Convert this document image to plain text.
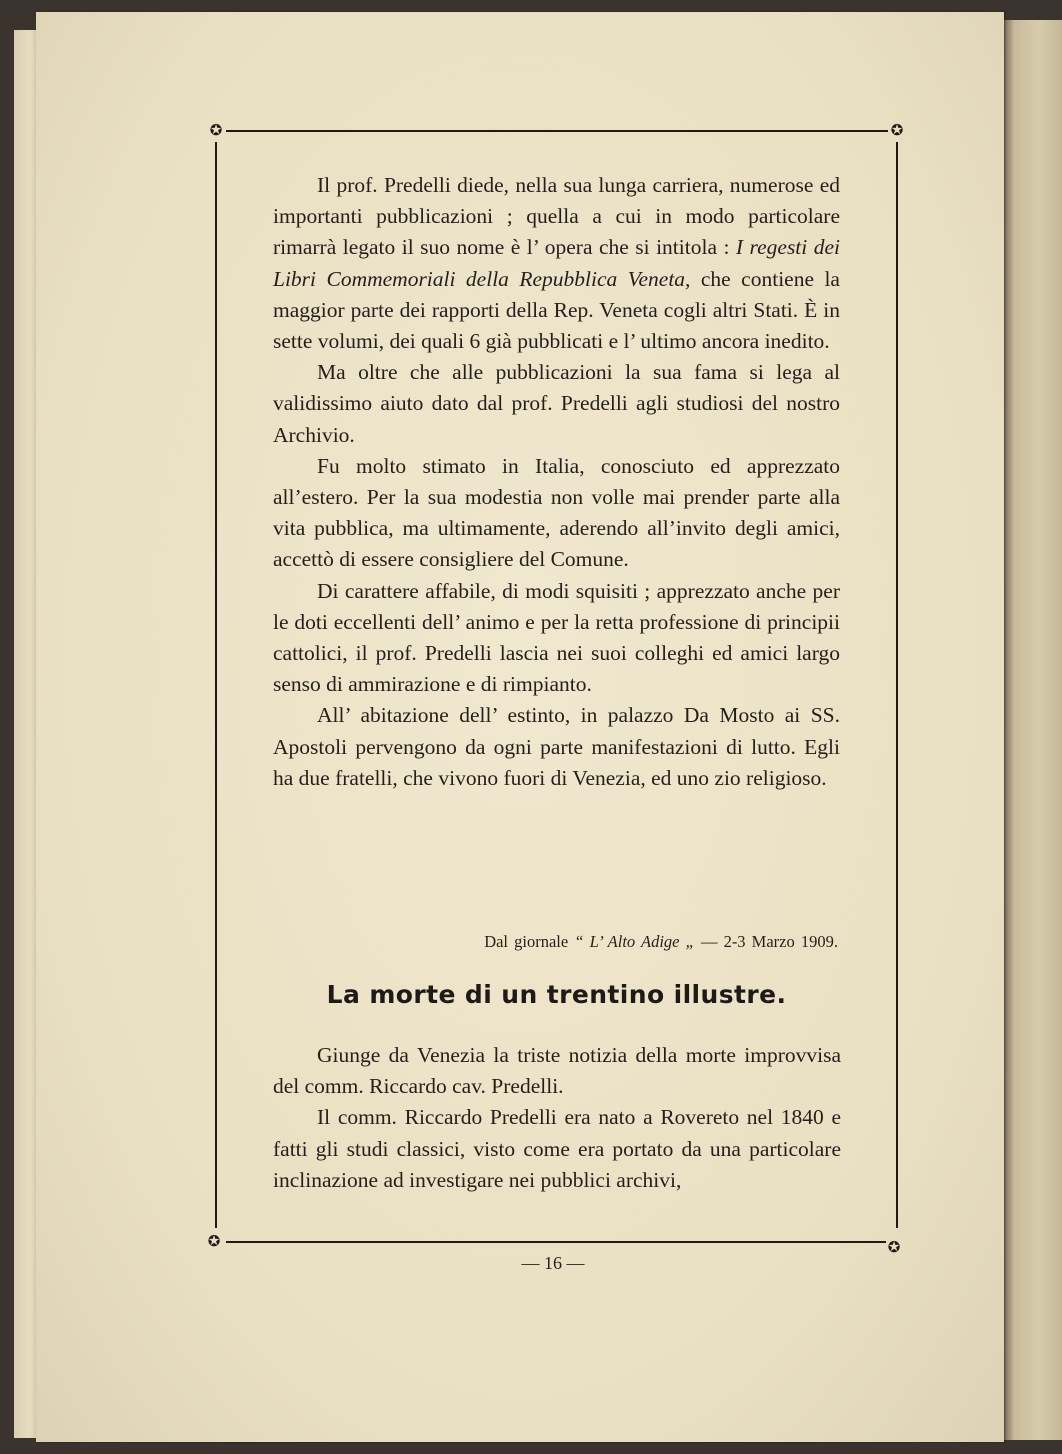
✪	✪
✪	✪

Il prof. Predelli diede, nella sua lunga carriera, numerose ed importanti pubblicazioni ; quella a cui in modo particolare rimarrà legato il suo nome è l’ opera che si intitola : I regesti dei Libri Commemoriali della Repubblica Veneta, che contiene la maggior parte dei rapporti della Rep. Veneta cogli altri Stati. È in sette volumi, dei quali 6 già pubblicati e l’ ultimo ancora inedito.

Ma oltre che alle pubblicazioni la sua fama si lega al validissimo aiuto dato dal prof. Predelli agli studiosi del nostro Archivio.

Fu molto stimato in Italia, conosciuto ed apprezzato all’estero. Per la sua modestia non volle mai prender parte alla vita pubblica, ma ultimamente, aderendo all’invito degli amici, accettò di essere consigliere del Comune.

Di carattere affabile, di modi squisiti ; apprezzato anche per le doti eccellenti dell’ animo e per la retta professione di principii cattolici, il prof. Predelli lascia nei suoi colleghi ed amici largo senso di ammirazione e di rimpianto.

All’ abitazione dell’ estinto, in palazzo Da Mosto ai SS. Apostoli pervengono da ogni parte manifestazioni di lutto. Egli ha due fratelli, che vivono fuori di Venezia, ed uno zio religioso.

Dal giornale “ L’ Alto Adige „ — 2-3 Marzo 1909.
La morte di un trentino illustre.

Giunge da Venezia la triste notizia della morte improvvisa del comm. Riccardo cav. Predelli.

Il comm. Riccardo Predelli era nato a Rovereto nel 1840 e fatti gli studi classici, visto come era portato da una particolare inclinazione ad investigare nei pubblici archivi,

— 16 —
